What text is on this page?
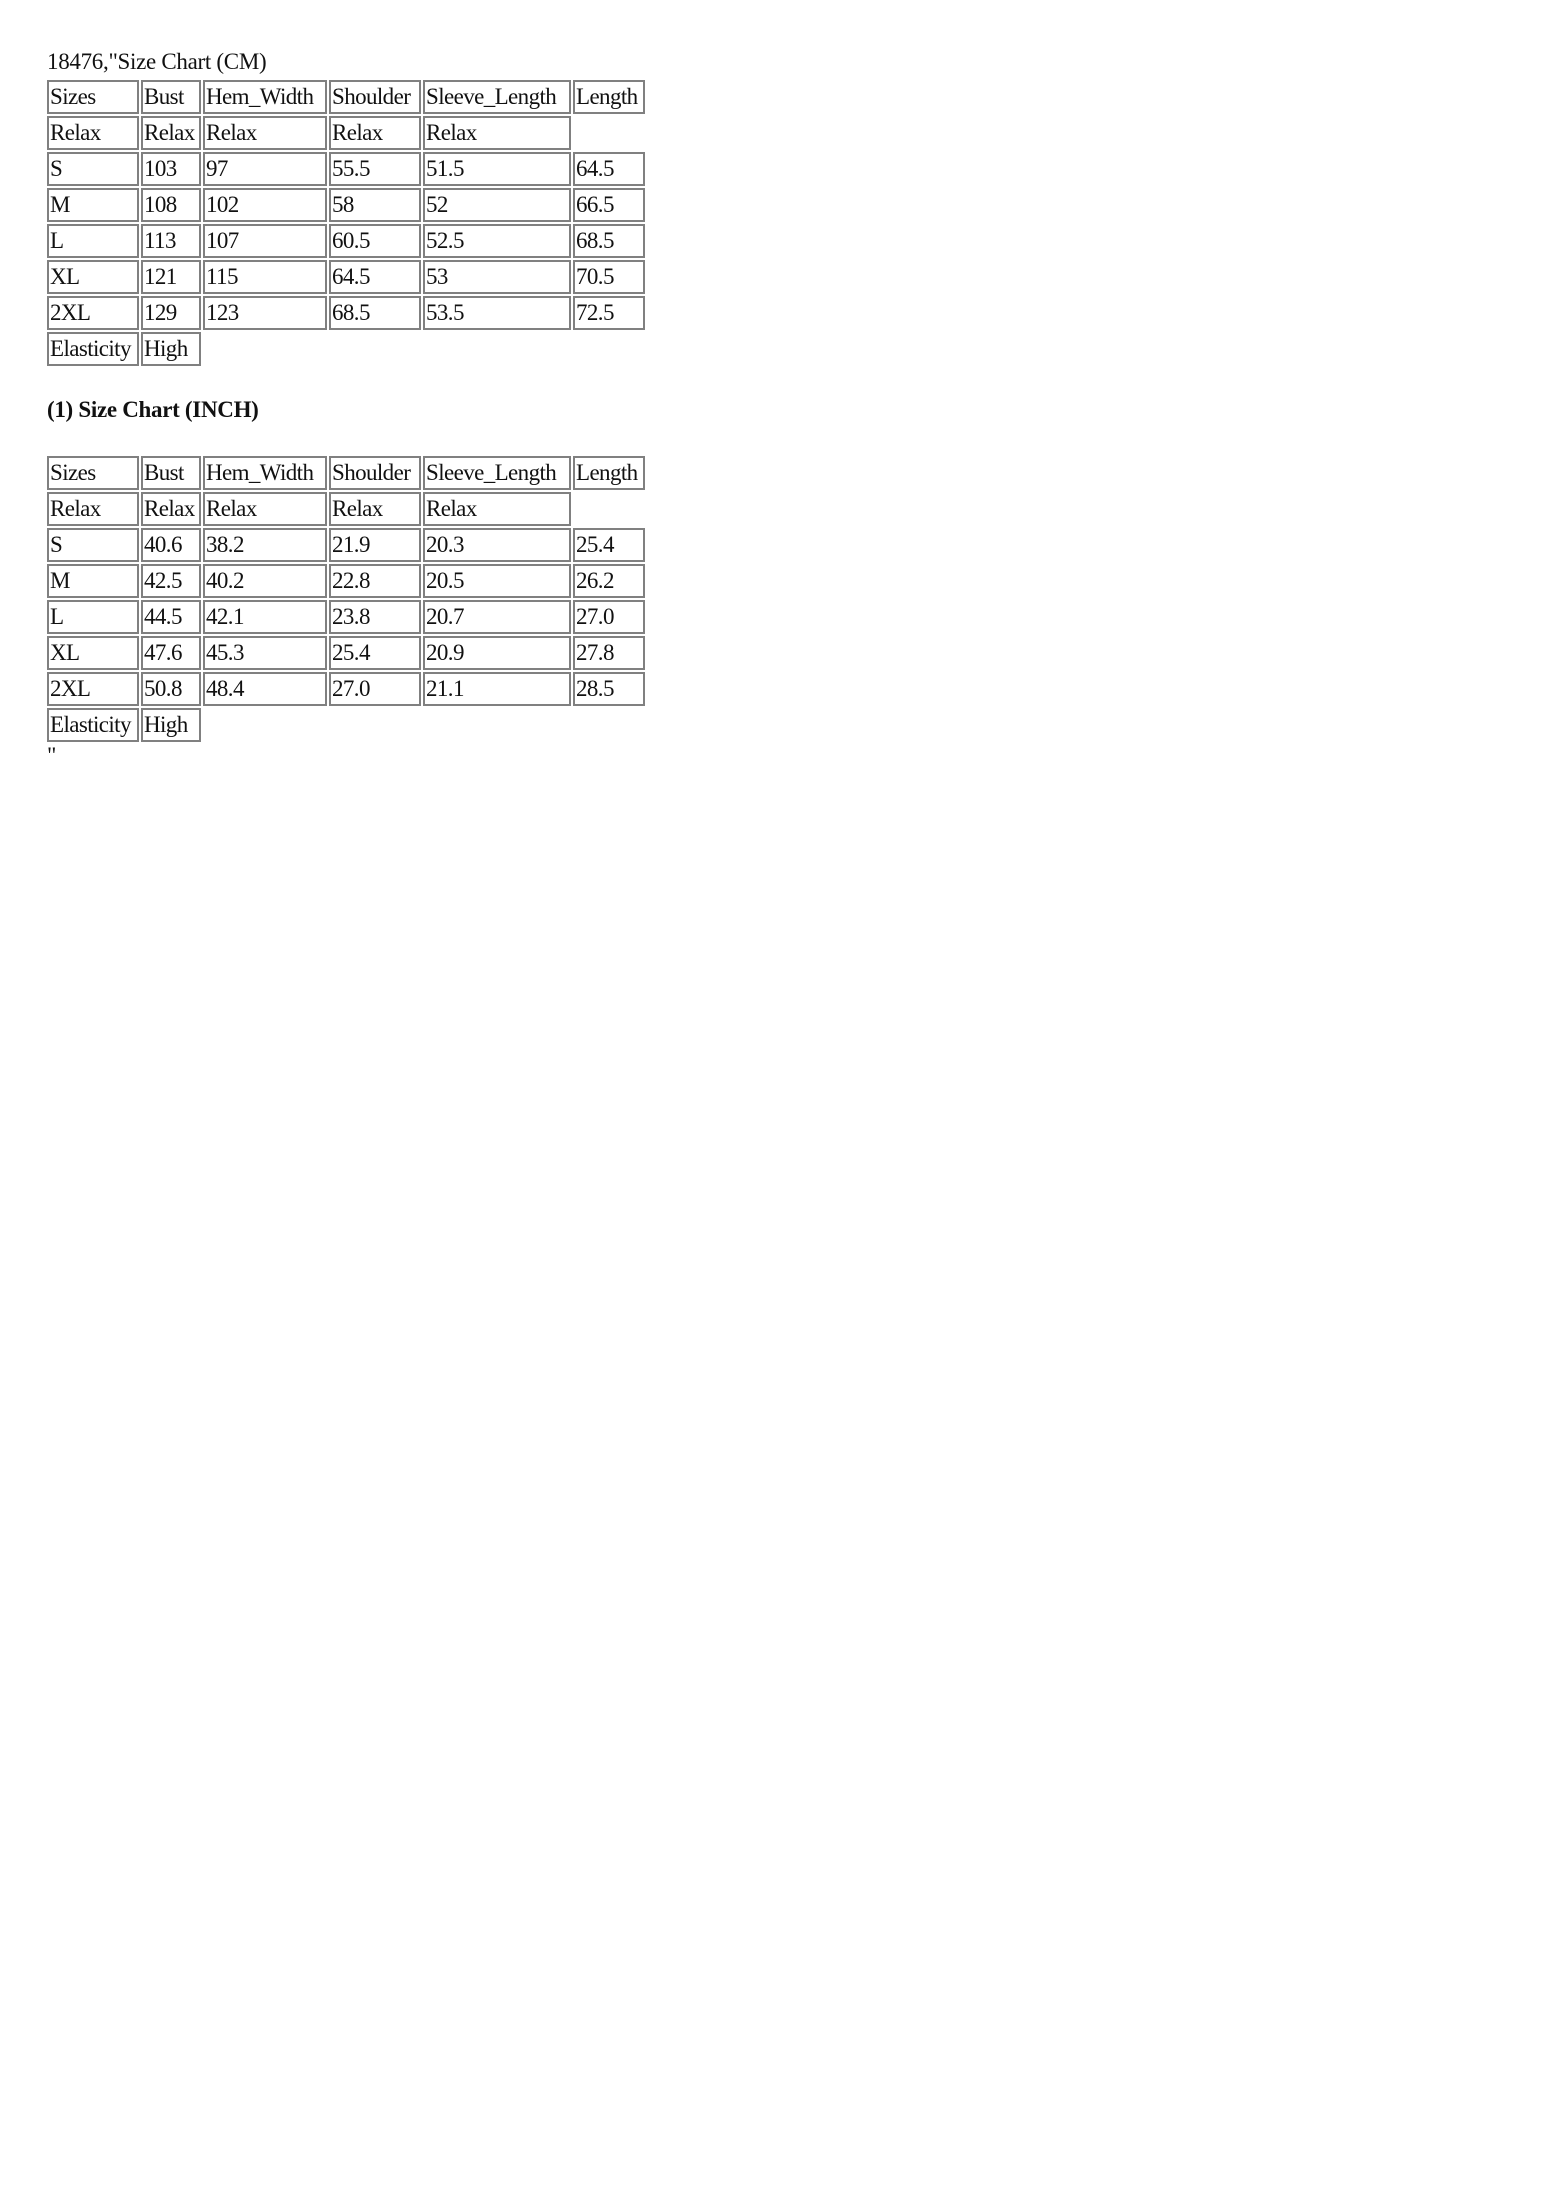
18476,"Size Chart (CM)
Sizes	Bust	Hem_Width	Shoulder	Sleeve_Length	Length
Relax	Relax	Relax	Relax	Relax	
S	103	97	55.5	51.5	64.5
M	108	102	58	52	66.5
L	113	107	60.5	52.5	68.5
XL	121	115	64.5	53	70.5
2XL	129	123	68.5	53.5	72.5
Elasticity	High				
(1) Size Chart (INCH)
Sizes	Bust	Hem_Width	Shoulder	Sleeve_Length	Length
Relax	Relax	Relax	Relax	Relax	
S	40.6	38.2	21.9	20.3	25.4
M	42.5	40.2	22.8	20.5	26.2
L	44.5	42.1	23.8	20.7	27.0
XL	47.6	45.3	25.4	20.9	27.8
2XL	50.8	48.4	27.0	21.1	28.5
Elasticity	High				
"
